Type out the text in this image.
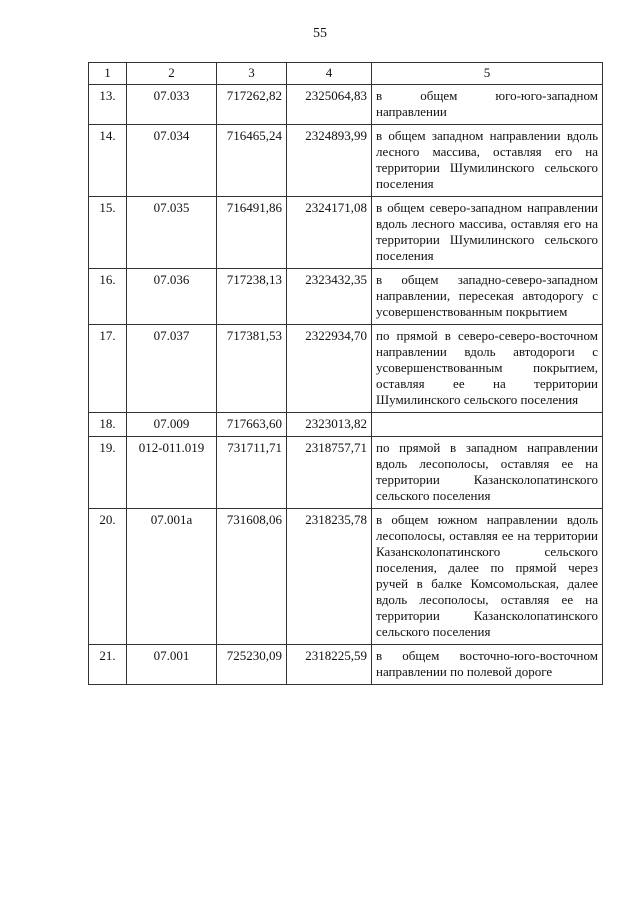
55
1	2	3	4	5
13.	07.033	717262,82	2325064,83	в общем юго-юго-западном направлении
14.	07.034	716465,24	2324893,99	в общем западном направлении вдоль лесного массива, оставляя его на территории Шумилинского сельского поселения
15.	07.035	716491,86	2324171,08	в общем северо-западном направлении вдоль лесного массива, оставляя его на территории Шумилинского сельского поселения
16.	07.036	717238,13	2323432,35	в общем западно-северо-западном направлении, пересекая автодорогу с усовершенствованным покрытием
17.	07.037	717381,53	2322934,70	по прямой в северо-северо-восточном направлении вдоль автодороги с усовершенствованным покрытием, оставляя ее на территории Шумилинского сельского поселения
18.	07.009	717663,60	2323013,82	
19.	012-011.019	731711,71	2318757,71	по прямой в западном направлении вдоль лесополосы, оставляя ее на территории Казансколопатинского сельского поселения
20.	07.001а	731608,06	2318235,78	в общем южном направлении вдоль лесополосы, оставляя ее на территории Казансколопатинского сельского поселения, далее по прямой через ручей в балке Комсомольская, далее вдоль лесополосы, оставляя ее на территории Казансколопатинского сельского поселения
21.	07.001	725230,09	2318225,59	в общем восточно-юго-восточном направлении по полевой дороге
